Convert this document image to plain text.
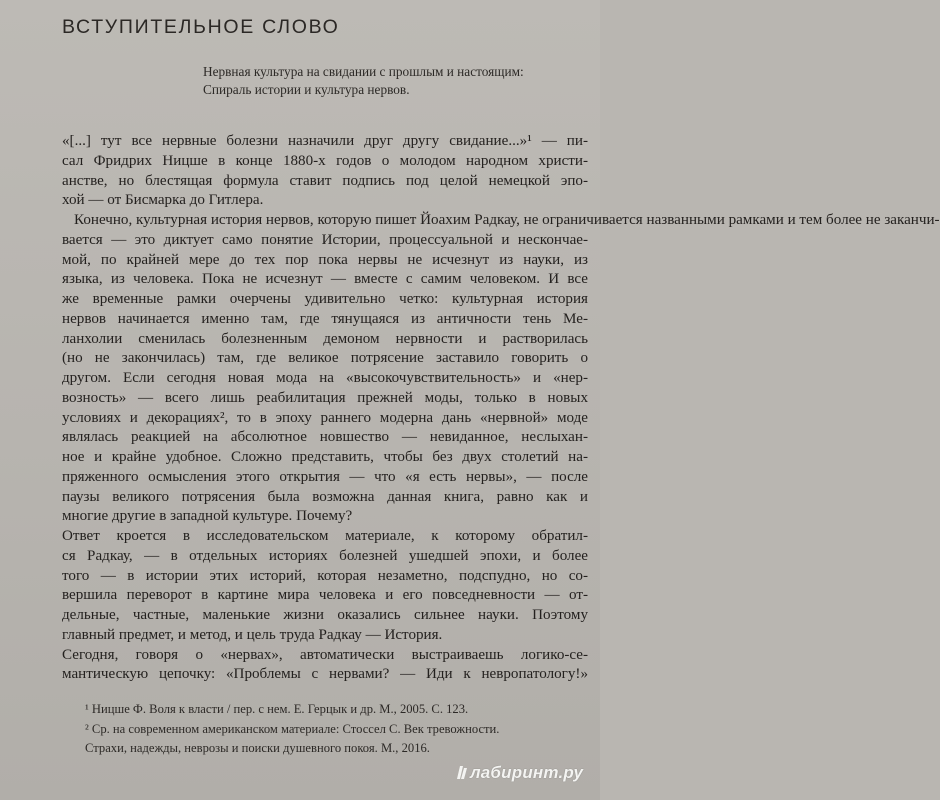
ВСТУПИТЕЛЬНОЕ СЛОВО
Нервная культура на свидании с прошлым и настоящим:
Спираль истории и культура нервов.
«[...] тут все нервные болезни назначили друг другу свидание...»¹ — пи-
сал Фридрих Ницше в конце 1880-х годов о молодом народном христи-
анстве, но блестящая формула ставит подпись под целой немецкой эпо-
хой — от Бисмарка до Гитлера.
Конечно, культурная история нервов, которую пишет Йоахим Радкау, не ограничивается названными рамками и тем более не заканчи-
вается — это диктует само понятие Истории, процессуальной и нескончае-
мой, по крайней мере до тех пор пока нервы не исчезнут из науки, из
языка, из человека. Пока не исчезнут — вместе с самим человеком. И все
же временные рамки очерчены удивительно четко: культурная история
нервов начинается именно там, где тянущаяся из античности тень Ме-
ланхолии сменилась болезненным демоном нервности и растворилась
(но не закончилась) там, где великое потрясение заставило говорить о
другом. Если сегодня новая мода на «высокочувствительность» и «нер-
возность» — всего лишь реабилитация прежней моды, только в новых
условиях и декорациях², то в эпоху раннего модерна дань «нервной» моде
являлась реакцией на абсолютное новшество — невиданное, неслыхан-
ное и крайне удобное. Сложно представить, чтобы без двух столетий на-
пряженного осмысления этого открытия — что «я есть нервы», — после
паузы великого потрясения была возможна данная книга, равно как и
многие другие в западной культуре. Почему?
Ответ кроется в исследовательском материале, к которому обратил-
ся Радкау, — в отдельных историях болезней ушедшей эпохи, и более
того — в истории этих историй, которая незаметно, подспудно, но со-
вершила переворот в картине мира человека и его повседневности — от-
дельные, частные, маленькие жизни оказались сильнее науки. Поэтому
главный предмет, и метод, и цель труда Радкау — История.
Сегодня, говоря о «нервах», автоматически выстраиваешь логико-се-
мантическую цепочку: «Проблемы с нервами? — Иди к невропатологу!»
¹ Ницше Ф. Воля к власти / пер. с нем. Е. Герцык и др. М., 2005. С. 123.
² Ср. на современном американском материале: Стоссел С. Век тревожности.
Страхи, надежды, неврозы и поиски душевного покоя. М., 2016.
лабиринт.ру
